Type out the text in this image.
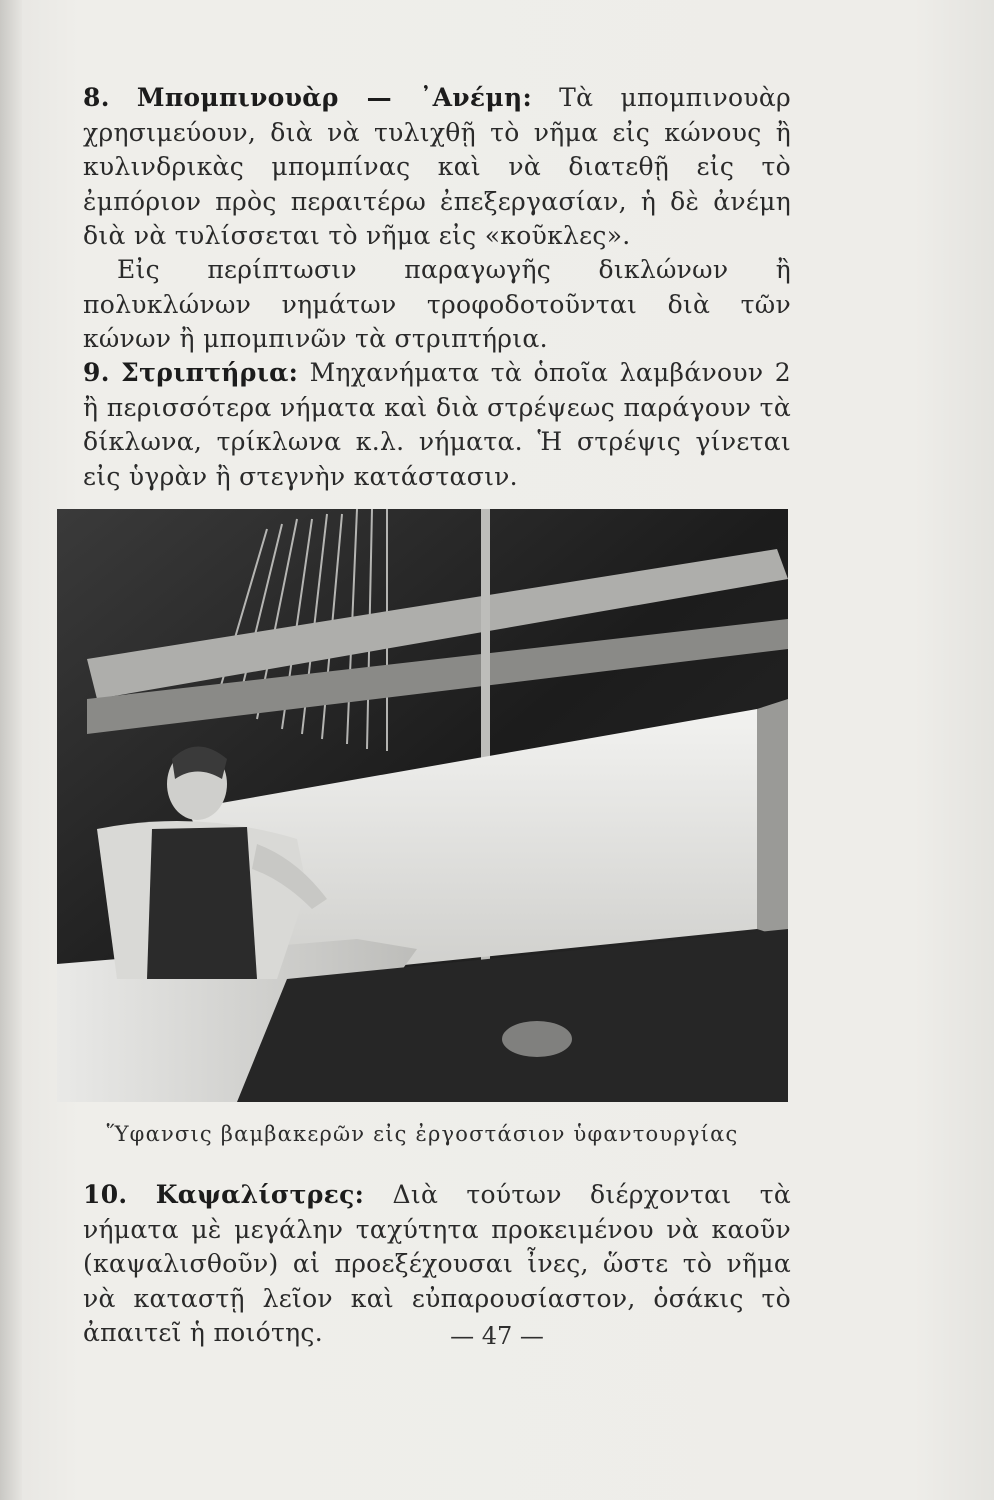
8. Μπομπινουὰρ — ᾽Ανέμη: Τὰ μπομπινουὰρ χρησιμεύουν, διὰ νὰ τυλιχθῇ τὸ νῆμα εἰς κώνους ἢ κυλινδρικὰς μπομπίνας καὶ νὰ διατεθῇ εἰς τὸ ἐμπόριον πρὸς περαιτέρω ἐπεξεργασίαν, ἡ δὲ ἀνέμη διὰ νὰ τυλίσσεται τὸ νῆμα εἰς «κοῦκλες».

Εἰς περίπτωσιν παραγωγῆς δικλώνων ἢ πολυκλώνων νημάτων τροφοδοτοῦνται διὰ τῶν κώνων ἢ μπομπινῶν τὰ στριπτήρια.

9. Στριπτήρια: Μηχανήματα τὰ ὁποῖα λαμβάνουν 2 ἢ περισσότερα νήματα καὶ διὰ στρέψεως παράγουν τὰ δίκλωνα, τρίκλωνα κ.λ. νήματα. Ἡ στρέψις γίνεται εἰς ὑγρὰν ἢ στεγνὴν κατάστασιν.

Ὕφανσις βαμβακερῶν εἰς ἐργοστάσιον ὑφαντουργίας

10. Καψαλίστρες: Διὰ τούτων διέρχονται τὰ νήματα μὲ μεγάλην ταχύτητα προκειμένου νὰ καοῦν (καψαλισθοῦν) αἱ προεξέχουσαι ἶνες, ὥστε τὸ νῆμα νὰ καταστῇ λεῖον καὶ εὐπαρουσίαστον, ὁσάκις τὸ ἀπαιτεῖ ἡ ποιότης.	— 47 —
